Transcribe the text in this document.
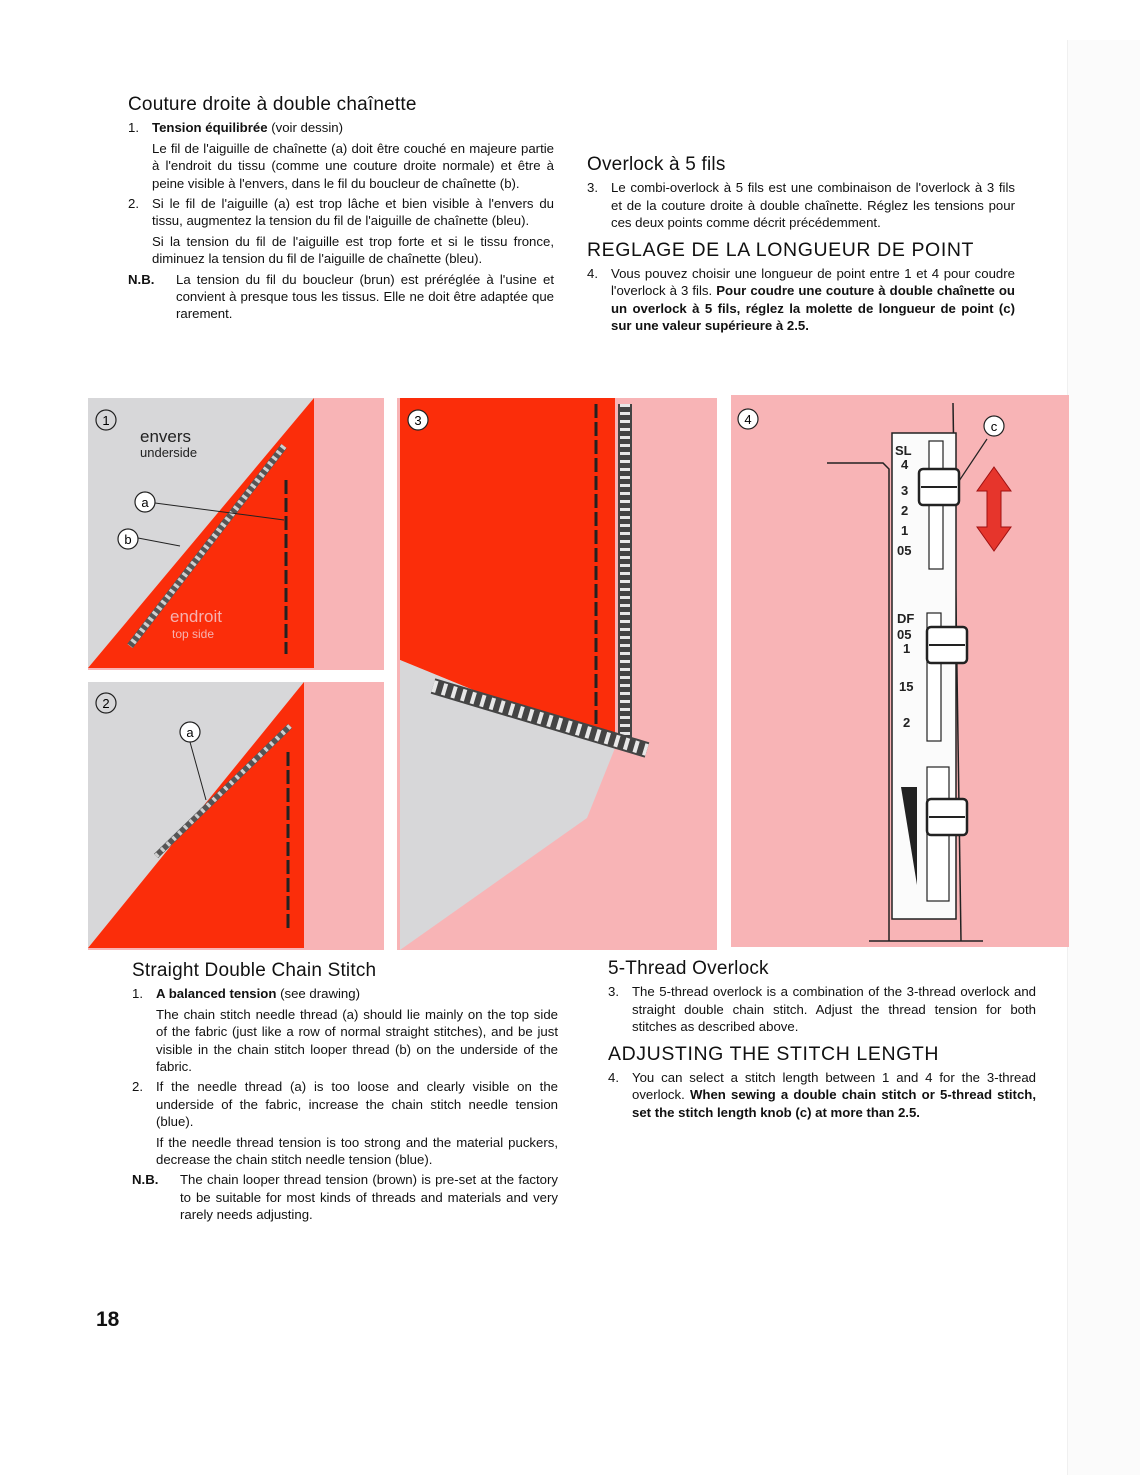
Couture droite à double chaînette
1. Tension équilibrée (voir dessin)
Le fil de l'aiguille de chaînette (a) doit être couché en majeure partie à l'endroit du tissu (comme une couture droite normale) et être à peine visible à l'envers, dans le fil du boucleur de chaînette (b).
2. Si le fil de l'aiguille (a) est trop lâche et bien visible à l'envers du tissu, augmentez la tension du fil de l'aiguille de chaînette (bleu).
Si la tension du fil de l'aiguille est trop forte et si le tissu fronce, diminuez la tension du fil de l'aiguille de chaînette (bleu).
N.B.	La tension du fil du boucleur (brun) est préréglée à l'usine et convient à presque tous les tissus. Elle ne doit être adaptée que rarement.
Overlock à 5 fils
3. Le combi-overlock à 5 fils est une combinaison de l'overlock à 3 fils et de la couture droite à double chaînette. Réglez les tensions pour ces deux points comme décrit précédemment.
REGLAGE DE LA LONGUEUR DE POINT
4. Vous pouvez choisir une longueur de point entre 1 et 4 pour coudre l'overlock à 3 fils. Pour coudre une couture à double chaînette ou un overlock à 5 fils, réglez la molette de longueur de point (c) sur une valeur supérieure à 2.5.
a
b
1
envers
underside
endroit
top side
a
2
3
SL
4
3
2
1
05
DF
05
1
15
2
c
4
Straight Double Chain Stitch
1. A balanced tension (see drawing)
The chain stitch needle thread (a) should lie mainly on the top side of the fabric (just like a row of normal straight stitches), and be just visible in the chain stitch looper thread (b) on the underside of the fabric.
2. If the needle thread (a) is too loose and clearly visible on the underside of the fabric, increase the chain stitch needle tension (blue).
If the needle thread tension is too strong and the material puckers, decrease the chain stitch needle tension (blue).
N.B.	The chain looper thread tension (brown) is pre-set at the factory to be suitable for most kinds of threads and materials and very rarely needs adjusting.
5-Thread Overlock
3. The 5-thread overlock is a combination of the 3-thread overlock and straight double chain stitch. Adjust the thread tension for both stitches as described above.
ADJUSTING THE STITCH LENGTH
4. You can select a stitch length between 1 and 4 for the 3-thread overlock. When sewing a double chain stitch or 5-thread stitch, set the stitch length knob (c) at more than 2.5.
18
